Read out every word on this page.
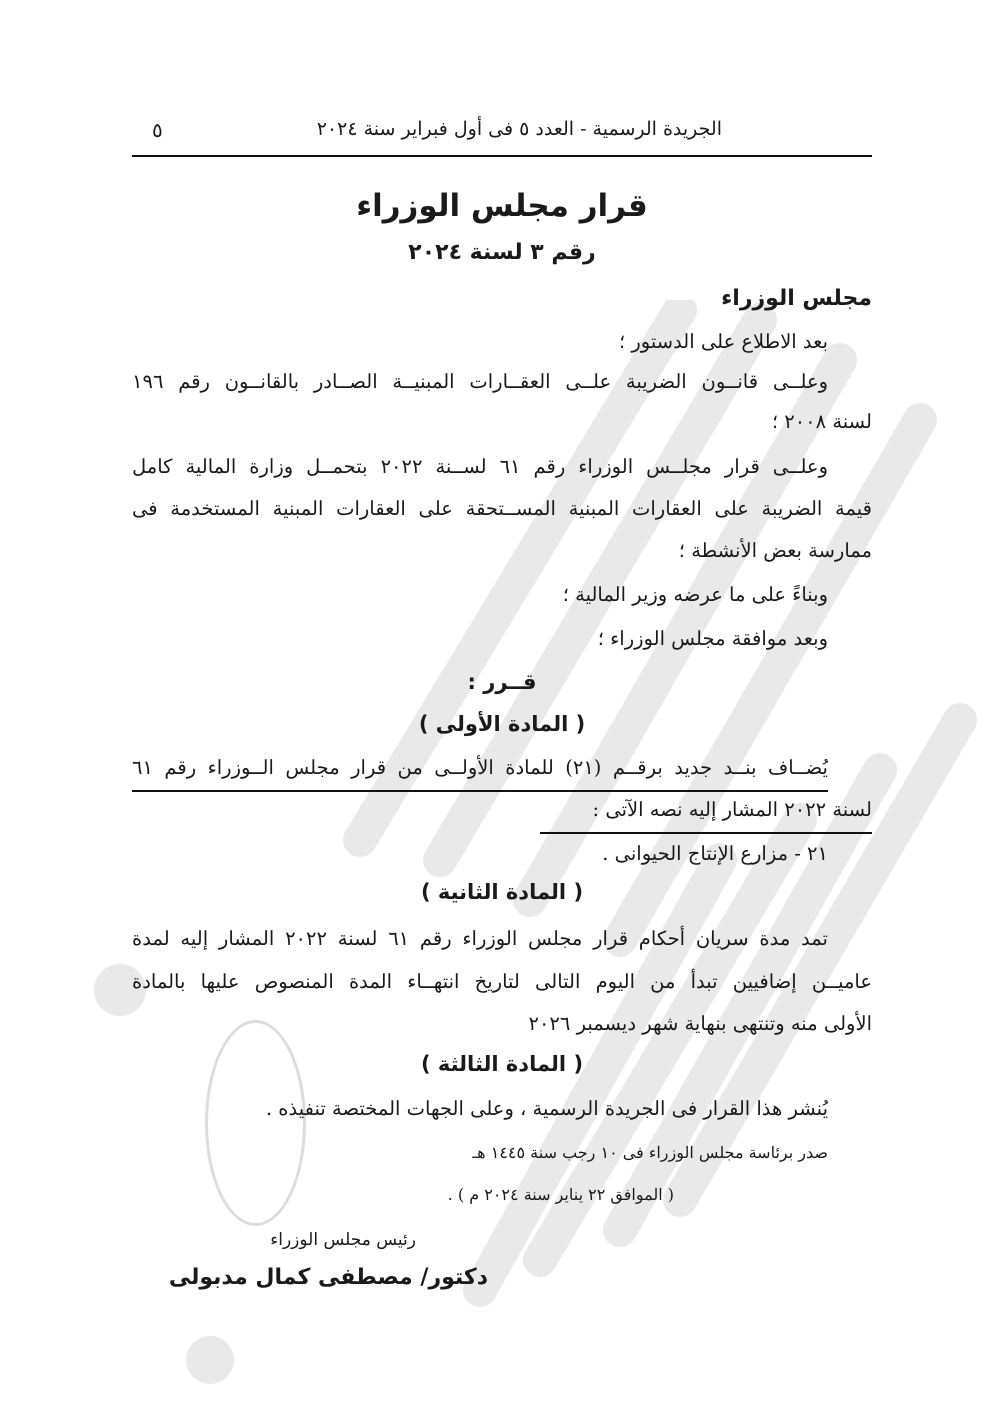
الجريدة الرسمية - العدد ٥ فى أول فبراير سنة ٢٠٢٤
٥
قرار مجلس الوزراء
رقم ٣ لسنة ٢٠٢٤
مجلس الوزراء
بعد الاطلاع على الدستور ؛
وعلــى قانــون الضريبة علــى العقــارات المبنيــة الصــادر بالقانــون رقم ١٩٦
لسنة ٢٠٠٨ ؛
وعلــى قرار مجلــس الوزراء رقم ٦١ لســنة ٢٠٢٢ بتحمــل وزارة المالية كامل
قيمة الضريبة على العقارات المبنية المســتحقة على العقارات المبنية المستخدمة فى
ممارسة بعض الأنشطة ؛
وبناءً على ما عرضه وزير المالية ؛
وبعد موافقة مجلس الوزراء ؛
قــرر :
( المادة الأولى )
يُضــاف بنــد جديد برقــم (٢١) للمادة الأولــى من قرار مجلس الــوزراء رقم ٦١
لسنة ٢٠٢٢ المشار إليه نصه الآتى :
٢١ - مزارع الإنتاج الحيوانى .
( المادة الثانية )
تمد مدة سريان أحكام قرار مجلس الوزراء رقم ٦١ لسنة ٢٠٢٢ المشار إليه لمدة
عاميــن إضافيين تبدأ من اليوم التالى لتاريخ انتهــاء المدة المنصوص عليها بالمادة
الأولى منه وتنتهى بنهاية شهر ديسمبر ٢٠٢٦
( المادة الثالثة )
يُنشر هذا القرار فى الجريدة الرسمية ، وعلى الجهات المختصة تنفيذه .
صدر برئاسة مجلس الوزراء فى ١٠ رجب سنة ١٤٤٥ هـ
( الموافق ٢٢ يناير سنة ٢٠٢٤ م ) .
رئيس مجلس الوزراء
دكتور/ مصطفى كمال مدبولى
